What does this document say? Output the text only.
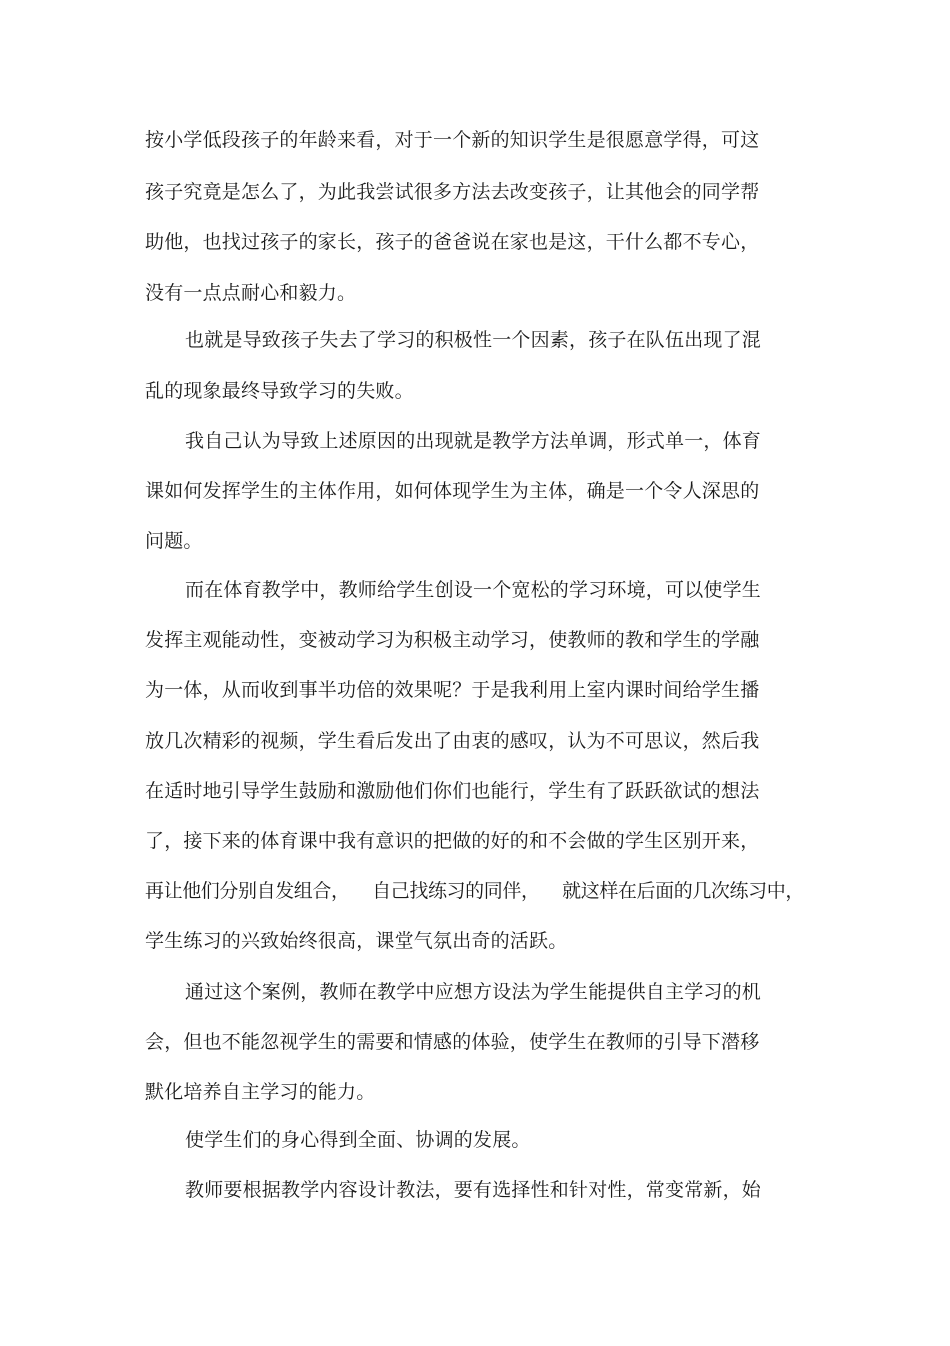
按小学低段孩子的年龄来看，对于一个新的知识学生是很愿意学得，可这
孩子究竟是怎么了，为此我尝试很多方法去改变孩子，让其他会的同学帮
助他，也找过孩子的家长，孩子的爸爸说在家也是这，干什么都不专心，
没有一点点耐心和毅力。
也就是导致孩子失去了学习的积极性一个因素，孩子在队伍出现了混
乱的现象最终导致学习的失败。
我自己认为导致上述原因的出现就是教学方法单调，形式单一，体育
课如何发挥学生的主体作用，如何体现学生为主体，确是一个令人深思的
问题。
而在体育教学中，教师给学生创设一个宽松的学习环境，可以使学生
发挥主观能动性，变被动学习为积极主动学习，使教师的教和学生的学融
为一体，从而收到事半功倍的效果呢？于是我利用上室内课时间给学生播
放几次精彩的视频，学生看后发出了由衷的感叹，认为不可思议，然后我
在适时地引导学生鼓励和激励他们你们也能行，学生有了跃跃欲试的想法
了，接下来的体育课中我有意识的把做的好的和不会做的学生区别开来，
再让他们分别自发组合，    自己找练习的同伴，    就这样在后面的几次练习中，
学生练习的兴致始终很高，课堂气氛出奇的活跃。
通过这个案例，教师在教学中应想方设法为学生能提供自主学习的机
会，但也不能忽视学生的需要和情感的体验，使学生在教师的引导下潜移
默化培养自主学习的能力。
使学生们的身心得到全面、协调的发展。
教师要根据教学内容设计教法，要有选择性和针对性，常变常新，始
